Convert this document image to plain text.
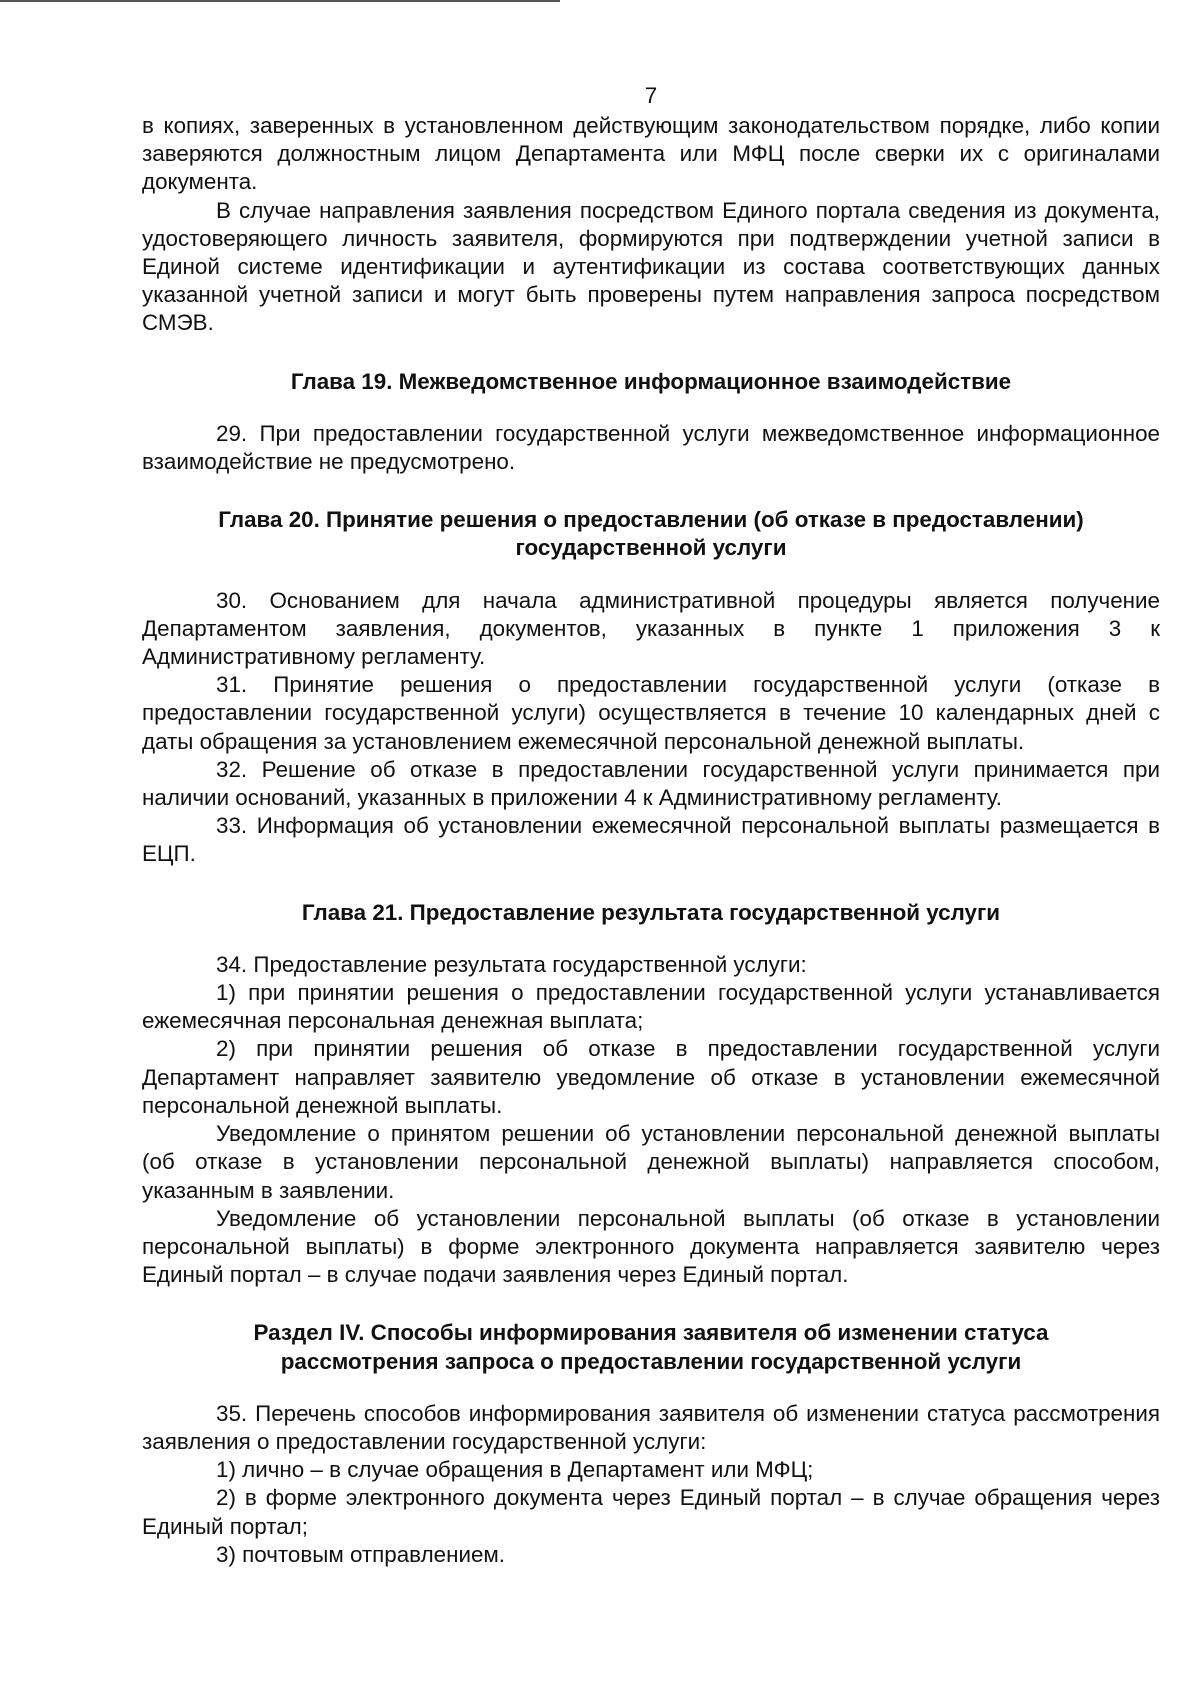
7

в копиях, заверенных в установленном действующим законодательством порядке, либо копии заверяются должностным лицом Департамента или МФЦ после сверки их с оригиналами документа.

В случае направления заявления посредством Единого портала сведения из документа, удостоверяющего личность заявителя, формируются при подтверждении учетной записи в Единой системе идентификации и аутентификации из состава соответствующих данных указанной учетной записи и могут быть проверены путем направления запроса посредством СМЭВ.

Глава 19. Межведомственное информационное взаимодействие

29. При предоставлении государственной услуги межведомственное информационное взаимодействие не предусмотрено.

Глава 20. Принятие решения о предоставлении (об отказе в предоставлении)
государственной услуги

30. Основанием для начала административной процедуры является получение Департаментом заявления, документов, указанных в пункте 1 приложения 3 к Административному регламенту.

31. Принятие решения о предоставлении государственной услуги (отказе в предоставлении государственной услуги) осуществляется в течение 10 календарных дней с даты обращения за установлением ежемесячной персональной денежной выплаты.

32. Решение об отказе в предоставлении государственной услуги принимается при наличии оснований, указанных в приложении 4 к Административному регламенту.

33. Информация об установлении ежемесячной персональной выплаты размещается в ЕЦП.

Глава 21. Предоставление результата государственной услуги

34. Предоставление результата государственной услуги:

1) при принятии решения о предоставлении государственной услуги устанавливается ежемесячная персональная денежная выплата;

2) при принятии решения об отказе в предоставлении государственной услуги Департамент направляет заявителю уведомление об отказе в установлении ежемесячной персональной денежной выплаты.

Уведомление о принятом решении об установлении персональной денежной выплаты (об отказе в установлении персональной денежной выплаты) направляется способом, указанным в заявлении.

Уведомление об установлении персональной выплаты (об отказе в установлении персональной выплаты) в форме электронного документа направляется заявителю через Единый портал – в случае подачи заявления через Единый портал.

Раздел IV. Способы информирования заявителя об изменении статуса
рассмотрения запроса о предоставлении государственной услуги

35. Перечень способов информирования заявителя об изменении статуса рассмотрения заявления о предоставлении государственной услуги:

1) лично – в случае обращения в Департамент или МФЦ;

2) в форме электронного документа через Единый портал – в случае обращения через Единый портал;

3) почтовым отправлением.
